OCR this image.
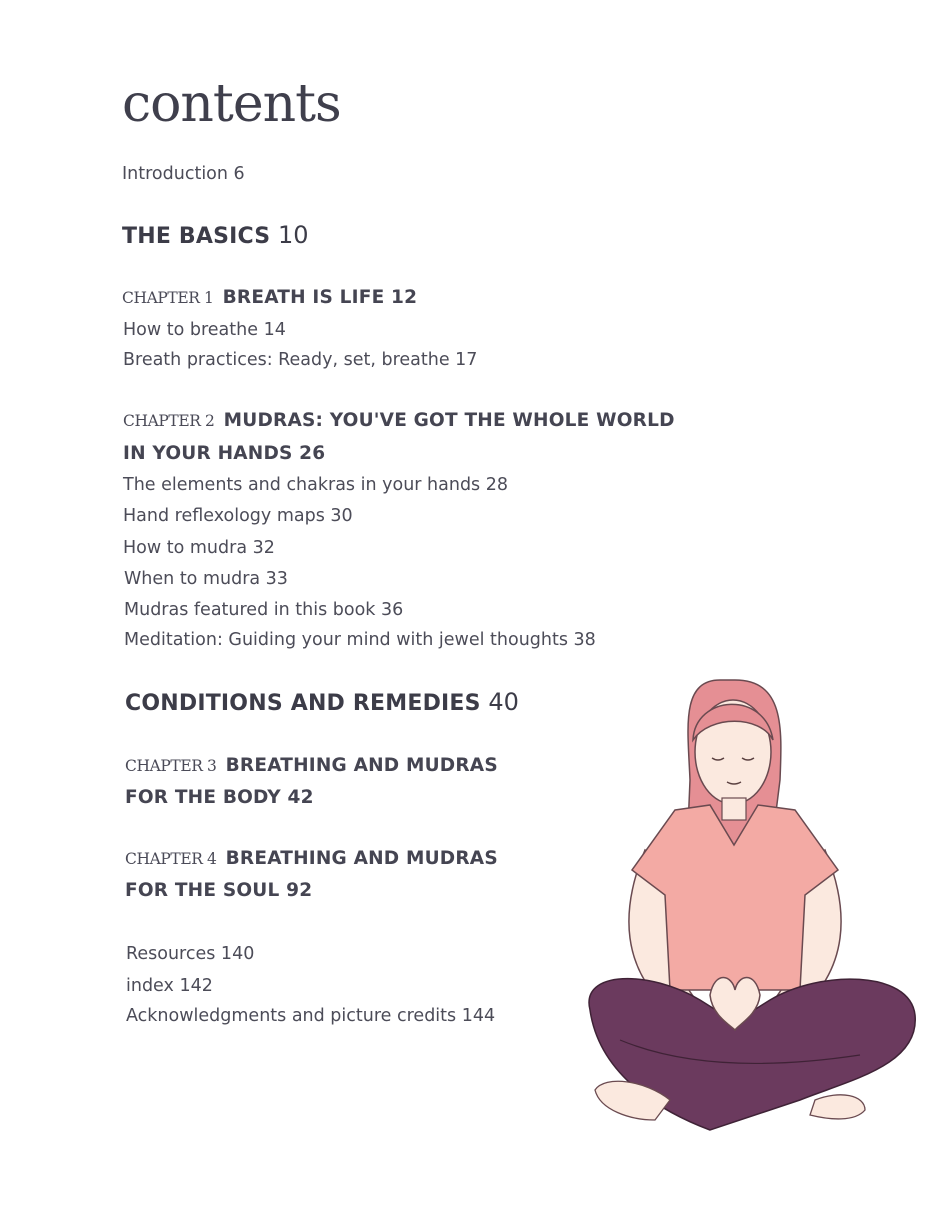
contents
Introduction 6
THE BASICS 10
CHAPTER 1 BREATH IS LIFE 12
How to breathe 14
Breath practices: Ready, set, breathe 17
CHAPTER 2 MUDRAS: YOU'VE GOT THE WHOLE WORLD
IN YOUR HANDS 26
The elements and chakras in your hands 28
Hand reflexology maps 30
How to mudra 32
When to mudra 33
Mudras featured in this book 36
Meditation: Guiding your mind with jewel thoughts 38
CONDITIONS AND REMEDIES 40
CHAPTER 3 BREATHING AND MUDRAS
FOR THE BODY 42
CHAPTER 4 BREATHING AND MUDRAS
FOR THE SOUL 92
Resources 140
index 142
Acknowledgments and picture credits 144
